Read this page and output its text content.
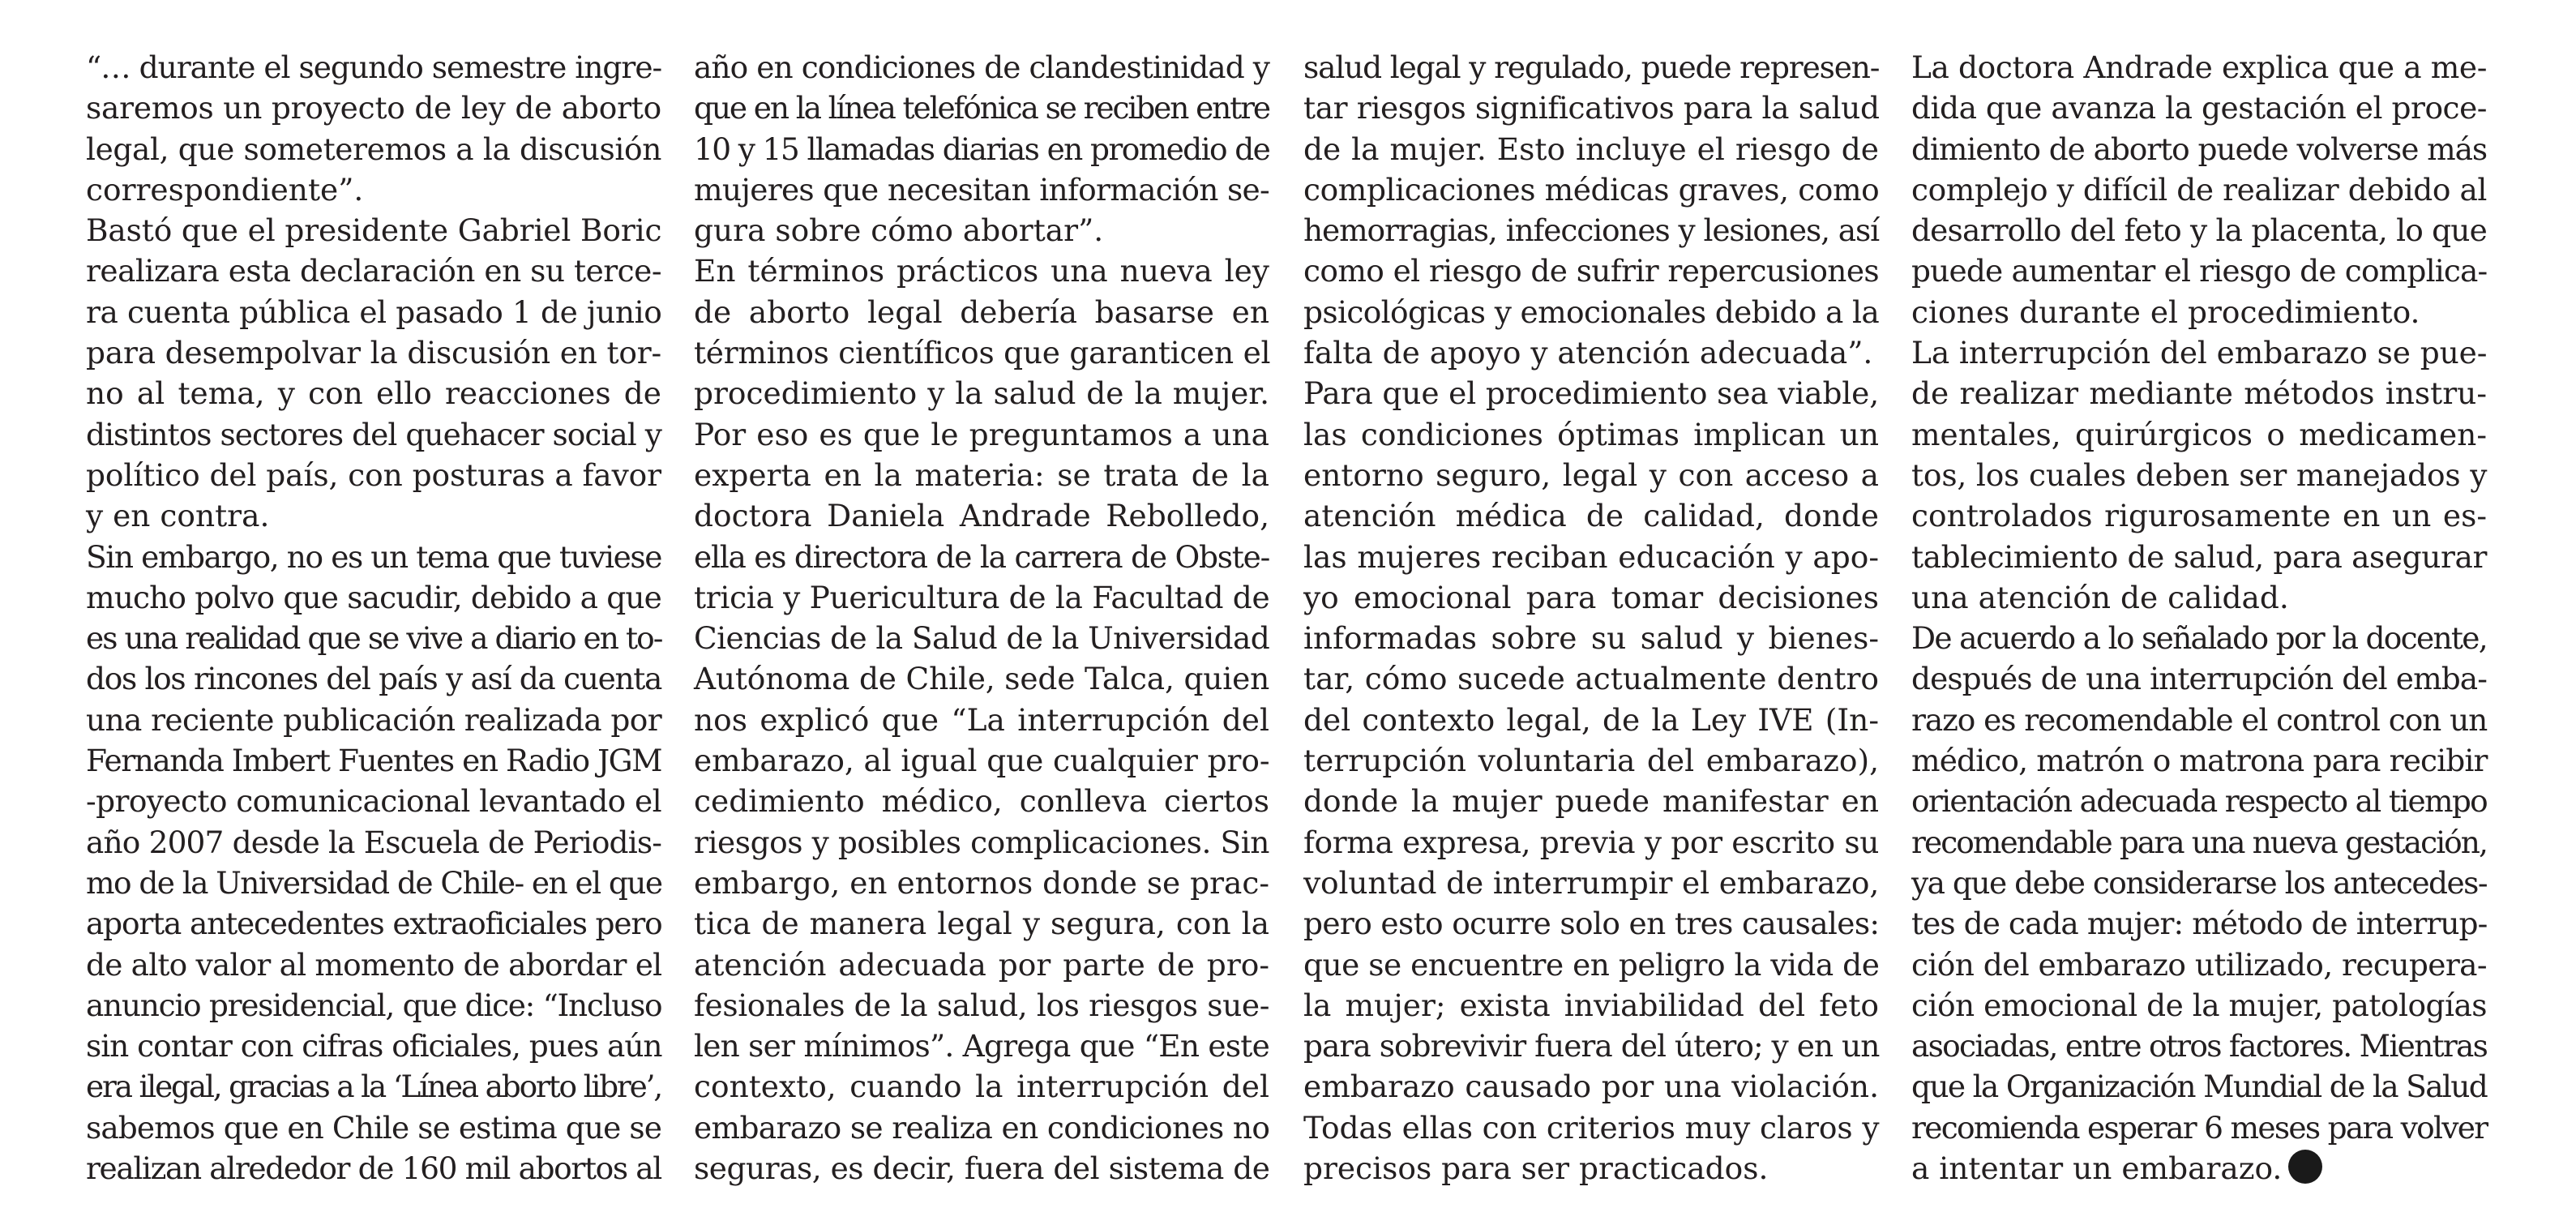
“… durante el segundo semestre ingre-
saremos un proyecto de ley de aborto
legal, que someteremos a la discusión
correspondiente”.
Bastó que el presidente Gabriel Boric
realizara esta declaración en su terce-
ra cuenta pública el pasado 1 de junio
para desempolvar la discusión en tor-
no al tema, y con ello reacciones de
distintos sectores del quehacer social y
político del país, con posturas a favor
y en contra.
Sin embargo, no es un tema que tuviese
mucho polvo que sacudir, debido a que
es una realidad que se vive a diario en to-
dos los rincones del país y así da cuenta
una reciente publicación realizada por
Fernanda Imbert Fuentes en Radio JGM
-proyecto comunicacional levantado el
año 2007 desde la Escuela de Periodis-
mo de la Universidad de Chile- en el que
aporta antecedentes extraoficiales pero
de alto valor al momento de abordar el
anuncio presidencial, que dice: “Incluso
sin contar con cifras oficiales, pues aún
era ilegal, gracias a la ‘Línea aborto libre’,
sabemos que en Chile se estima que se
realizan alrededor de 160 mil abortos al
año en condiciones de clandestinidad y
que en la línea telefónica se reciben entre
10 y 15 llamadas diarias en promedio de
mujeres que necesitan información se-
gura sobre cómo abortar”.
En términos prácticos una nueva ley
de aborto legal debería basarse en
términos científicos que garanticen el
procedimiento y la salud de la mujer.
Por eso es que le preguntamos a una
experta en la materia: se trata de la
doctora Daniela Andrade Rebolledo,
ella es directora de la carrera de Obste-
tricia y Puericultura de la Facultad de
Ciencias de la Salud de la Universidad
Autónoma de Chile, sede Talca, quien
nos explicó que “La interrupción del
embarazo, al igual que cualquier pro-
cedimiento médico, conlleva ciertos
riesgos y posibles complicaciones. Sin
embargo, en entornos donde se prac-
tica de manera legal y segura, con la
atención adecuada por parte de pro-
fesionales de la salud, los riesgos sue-
len ser mínimos”. Agrega que “En este
contexto, cuando la interrupción del
embarazo se realiza en condiciones no
seguras, es decir, fuera del sistema de
salud legal y regulado, puede represen-
tar riesgos significativos para la salud
de la mujer. Esto incluye el riesgo de
complicaciones médicas graves, como
hemorragias, infecciones y lesiones, así
como el riesgo de sufrir repercusiones
psicológicas y emocionales debido a la
falta de apoyo y atención adecuada”.
Para que el procedimiento sea viable,
las condiciones óptimas implican un
entorno seguro, legal y con acceso a
atención médica de calidad, donde
las mujeres reciban educación y apo-
yo emocional para tomar decisiones
informadas sobre su salud y bienes-
tar, cómo sucede actualmente dentro
del contexto legal, de la Ley IVE (In-
terrupción voluntaria del embarazo),
donde la mujer puede manifestar en
forma expresa, previa y por escrito su
voluntad de interrumpir el embarazo,
pero esto ocurre solo en tres causales:
que se encuentre en peligro la vida de
la mujer; exista inviabilidad del feto
para sobrevivir fuera del útero; y en un
embarazo causado por una violación.
Todas ellas con criterios muy claros y
precisos para ser practicados.
La doctora Andrade explica que a me-
dida que avanza la gestación el proce-
dimiento de aborto puede volverse más
complejo y difícil de realizar debido al
desarrollo del feto y la placenta, lo que
puede aumentar el riesgo de complica-
ciones durante el procedimiento.
La interrupción del embarazo se pue-
de realizar mediante métodos instru-
mentales, quirúrgicos o medicamen-
tos, los cuales deben ser manejados y
controlados rigurosamente en un es-
tablecimiento de salud, para asegurar
una atención de calidad.
De acuerdo a lo señalado por la docente,
después de una interrupción del emba-
razo es recomendable el control con un
médico, matrón o matrona para recibir
orientación adecuada respecto al tiempo
recomendable para una nueva gestación,
ya que debe considerarse los antecedes-
tes de cada mujer: método de interrup-
ción del embarazo utilizado, recupera-
ción emocional de la mujer, patologías
asociadas, entre otros factores. Mientras
que la Organización Mundial de la Salud
recomienda esperar 6 meses para volver
a intentar un embarazo.
